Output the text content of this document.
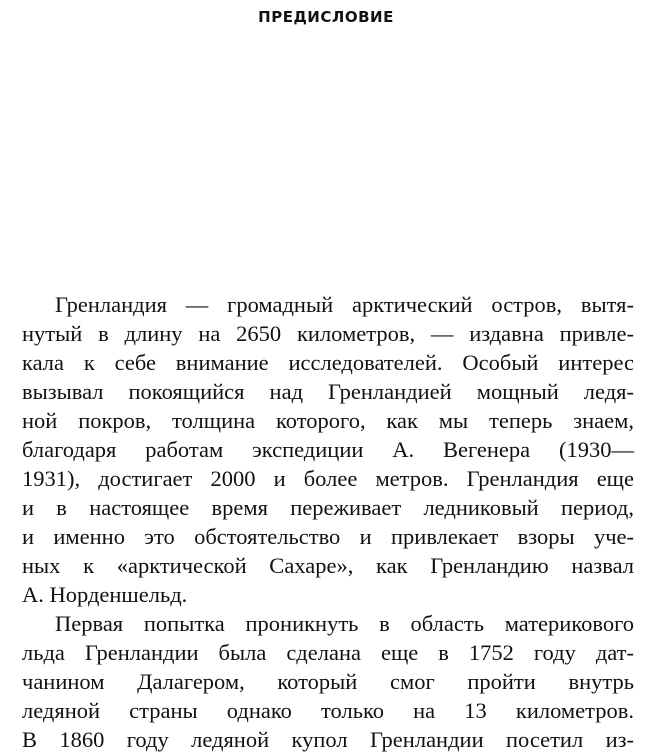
ПРЕДИСЛОВИЕ
Гренландия — громадный арктический остров, вытя-
нутый в длину на 2650 километров, — издавна привле-
кала к себе внимание исследователей. Особый интерес
вызывал покоящийся над Гренландией мощный ледя-
ной покров, толщина которого, как мы теперь знаем,
благодаря работам экспедиции А. Вегенера (1930—
1931), достигает 2000 и более метров. Гренландия еще
и в настоящее время переживает ледниковый период,
и именно это обстоятельство и привлекает взоры уче-
ных к «арктической Сахаре», как Гренландию назвал
А. Норденшельд.
Первая попытка проникнуть в область материкового
льда Гренландии была сделана еще в 1752 году дат-
чанином Далагером, который смог пройти внутрь
ледяной страны однако только на 13 километров.
В 1860 году ледяной купол Гренландии посетил из-
